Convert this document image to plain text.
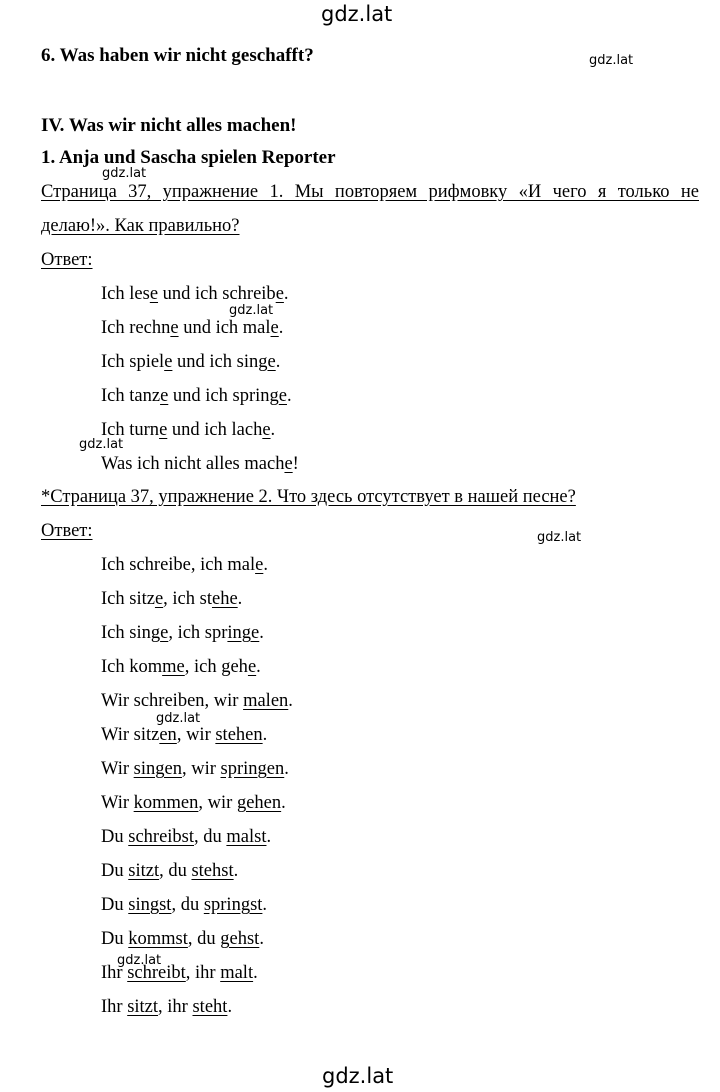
gdz.lat
gdz.lat
gdz.lat
gdz.lat
gdz.lat
gdz.lat
gdz.lat
gdz.lat
gdz.lat
6. Was haben wir nicht geschafft?
IV. Was wir nicht alles machen!
1. Anja und Sascha spielen Reporter
Страница 37, упражнение 1. Мы повторяем рифмовку «И чего я только не
делаю!». Как правильно?
Ответ:
Ich lese und ich schreibe.
Ich rechne und ich male.
Ich spiele und ich singe.
Ich tanze und ich springe.
Ich turne und ich lache.
Was ich nicht alles mache!
*Страница 37, упражнение 2. Что здесь отсутствует в нашей песне?
Ответ:
Ich schreibe, ich male.
Ich sitze, ich stehe.
Ich singe, ich springe.
Ich komme, ich gehe.
Wir schreiben, wir malen.
Wir sitzen, wir stehen.
Wir singen, wir springen.
Wir kommen, wir gehen.
Du schreibst, du malst.
Du sitzt, du stehst.
Du singst, du springst.
Du kommst, du gehst.
Ihr schreibt, ihr malt.
Ihr sitzt, ihr steht.
